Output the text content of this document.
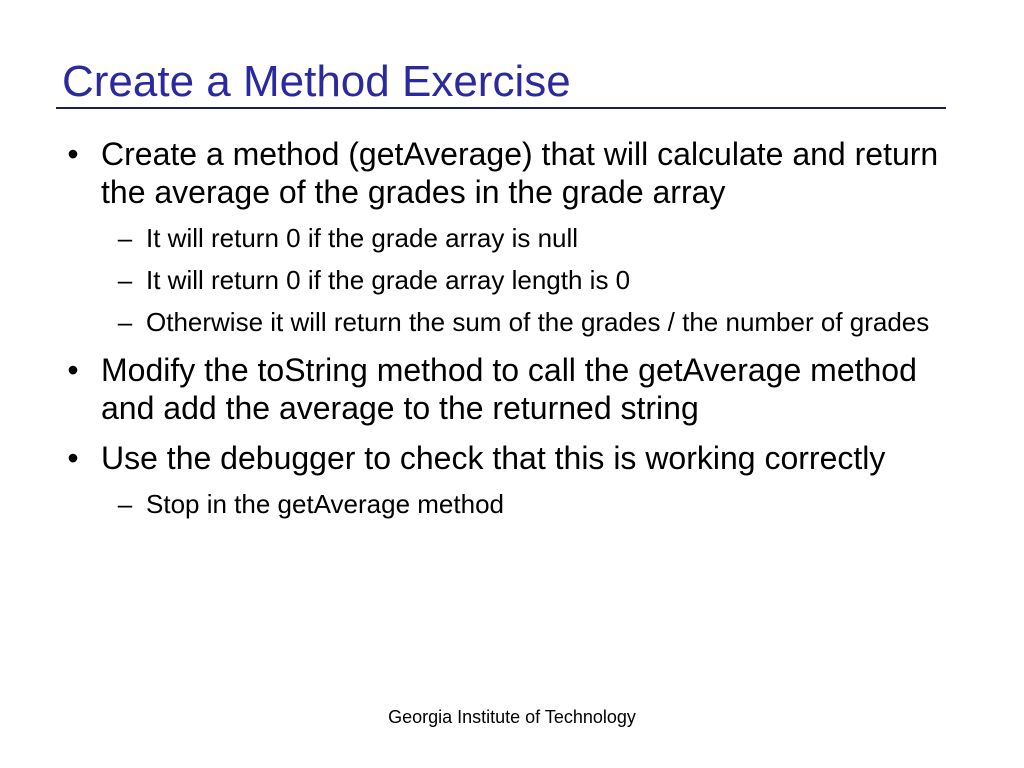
Create a Method Exercise
• Create a method (getAverage) that will calculate and return the average of the grades in the grade array
– It will return 0 if the grade array is null
– It will return 0 if the grade array length is 0
– Otherwise it will return the sum of the grades / the number of grades
• Modify the toString method to call the getAverage method and add the average to the returned string
• Use the debugger to check that this is working correctly
– Stop in the getAverage method
Georgia Institute of Technology
